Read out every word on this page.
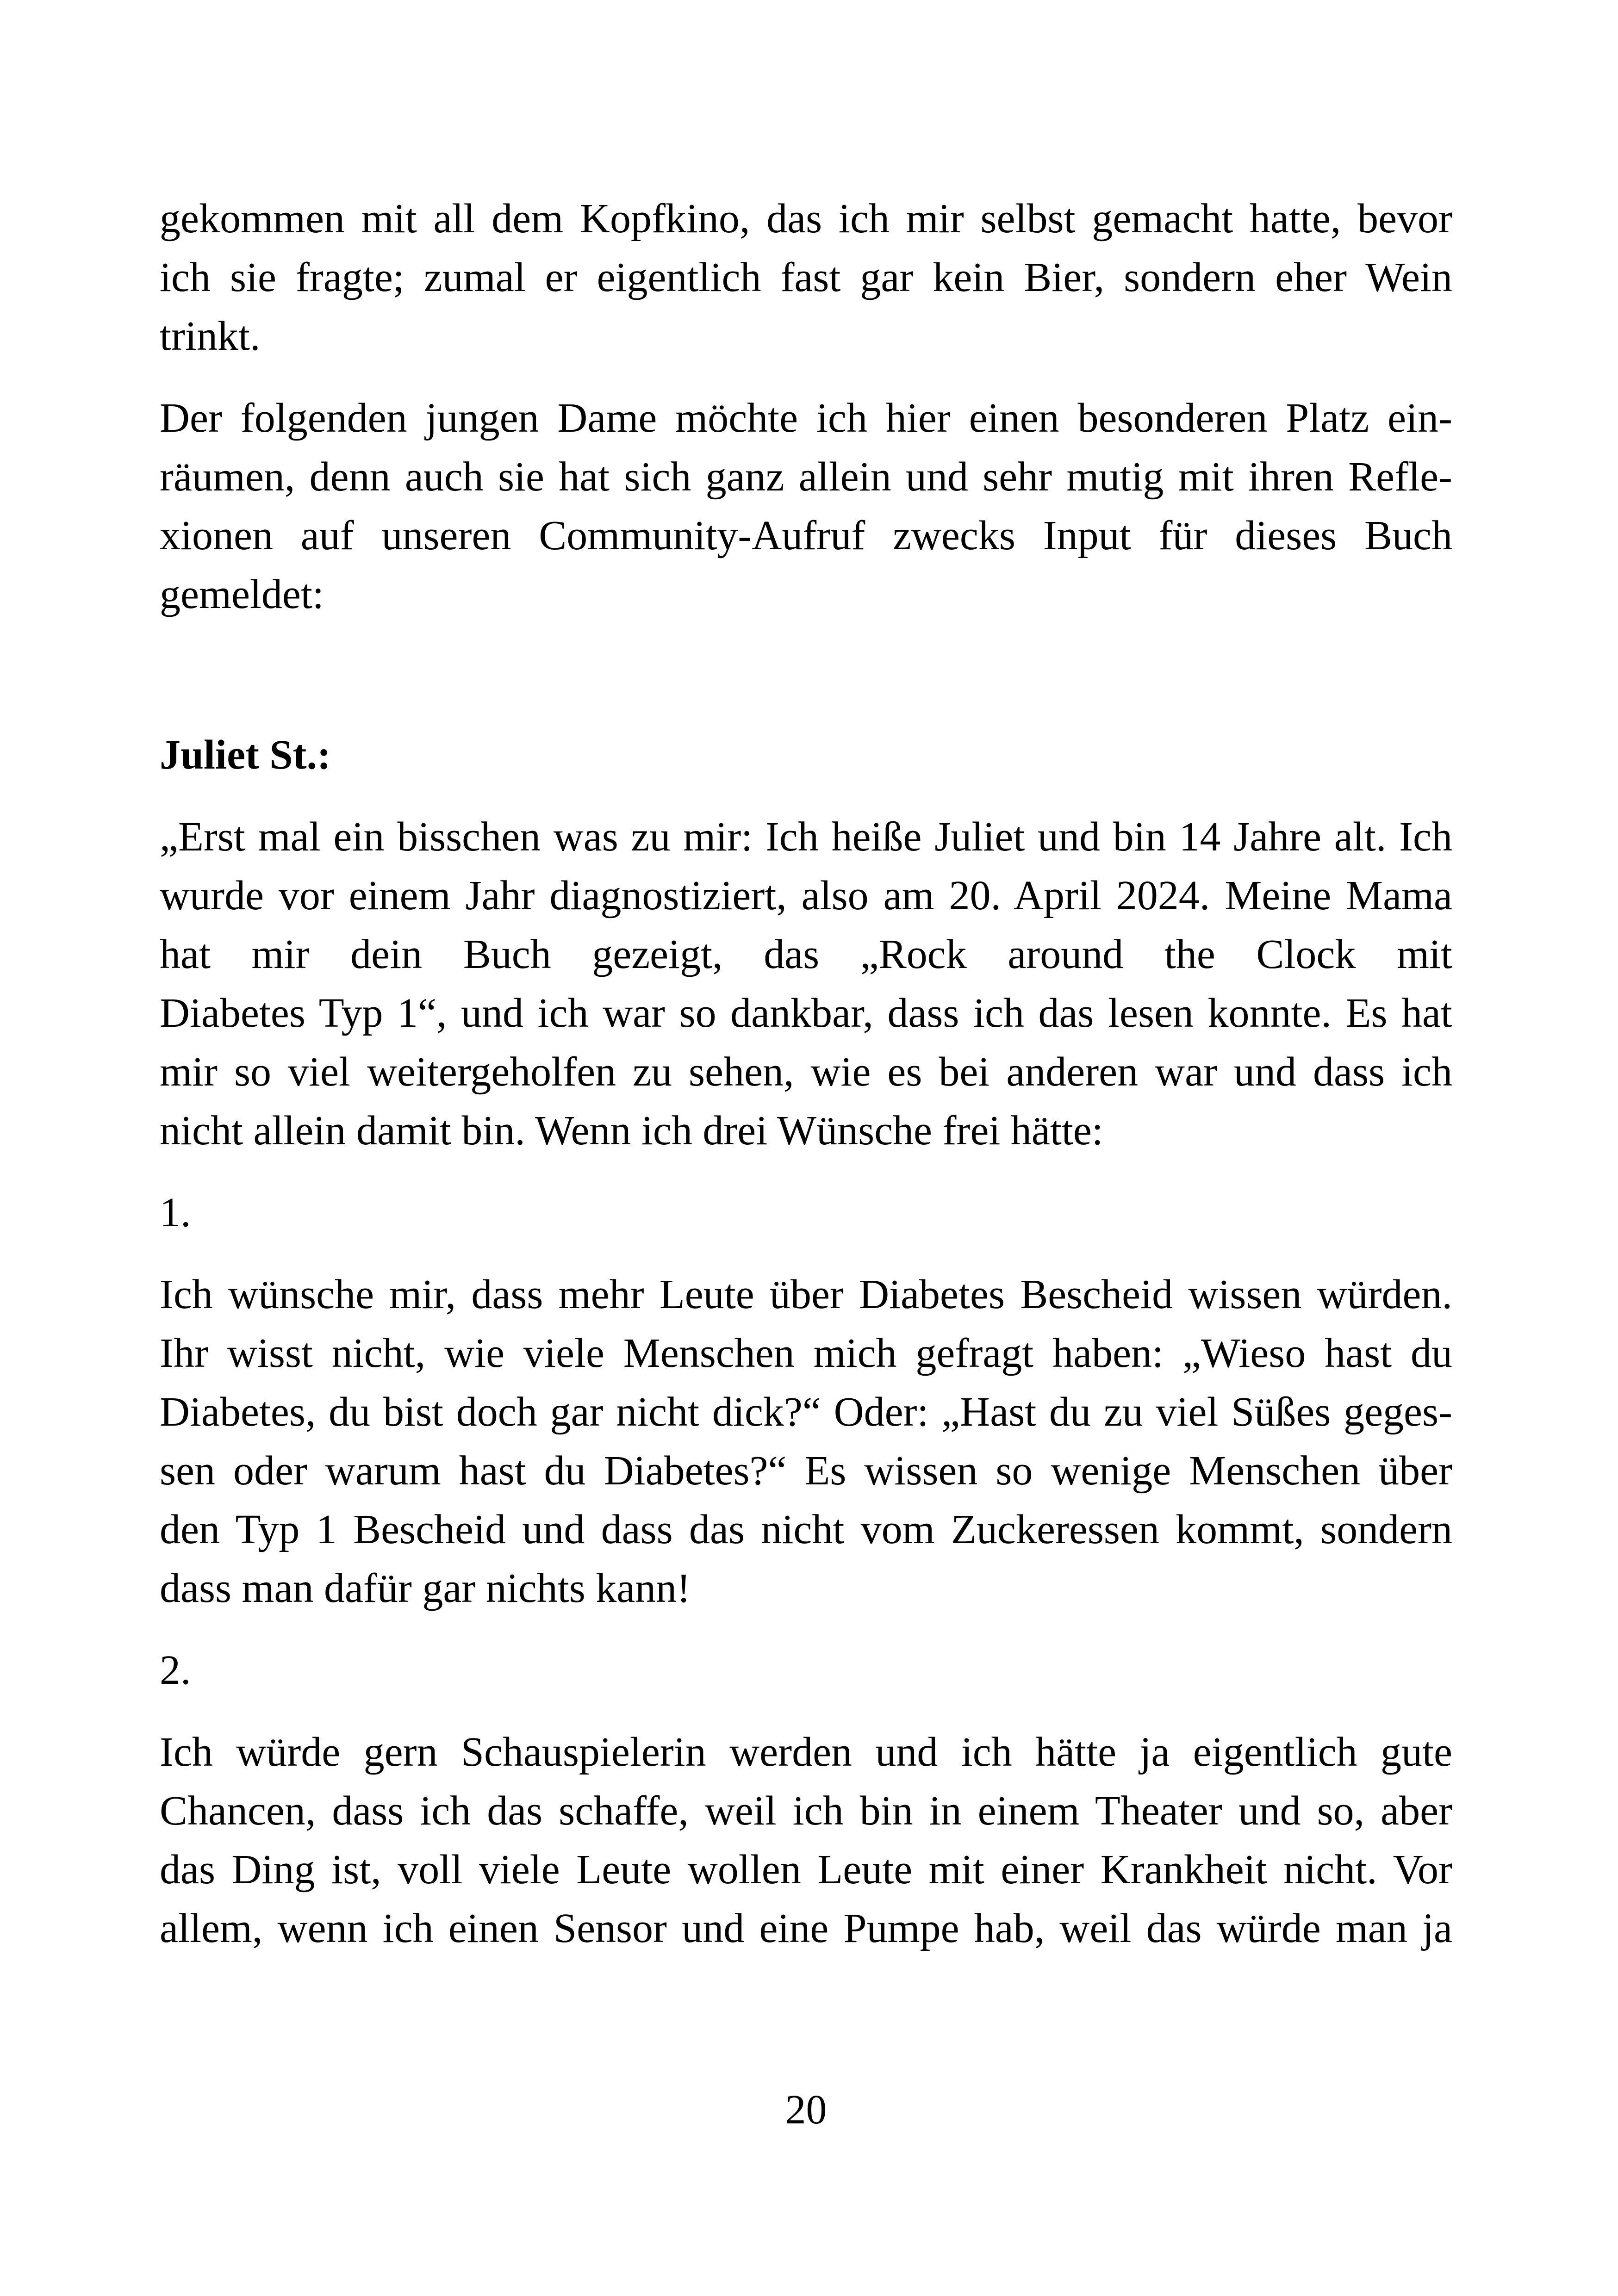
gekommen mit all dem Kopfkino, das ich mir selbst gemacht hatte, bevor
ich sie fragte; zumal er eigentlich fast gar kein Bier, sondern eher Wein
trinkt.
Der folgenden jungen Dame möchte ich hier einen besonderen Platz ein-
räumen, denn auch sie hat sich ganz allein und sehr mutig mit ihren Refle-
xionen auf unseren Community-Aufruf zwecks Input für dieses Buch
gemeldet:
Juliet St.:
„Erst mal ein bisschen was zu mir: Ich heiße Juliet und bin 14 Jahre alt. Ich
wurde vor einem Jahr diagnostiziert, also am 20. April 2024. Meine Mama
hat mir dein Buch gezeigt, das „Rock around the Clock mit
Diabetes Typ 1“, und ich war so dankbar, dass ich das lesen konnte. Es hat
mir so viel weitergeholfen zu sehen, wie es bei anderen war und dass ich
nicht allein damit bin. Wenn ich drei Wünsche frei hätte:
1.
Ich wünsche mir, dass mehr Leute über Diabetes Bescheid wissen würden.
Ihr wisst nicht, wie viele Menschen mich gefragt haben: „Wieso hast du
Diabetes, du bist doch gar nicht dick?“ Oder: „Hast du zu viel Süßes geges-
sen oder warum hast du Diabetes?“ Es wissen so wenige Menschen über
den Typ 1 Bescheid und dass das nicht vom Zuckeressen kommt, sondern
dass man dafür gar nichts kann!
2.
Ich würde gern Schauspielerin werden und ich hätte ja eigentlich gute
Chancen, dass ich das schaffe, weil ich bin in einem Theater und so, aber
das Ding ist, voll viele Leute wollen Leute mit einer Krankheit nicht. Vor
allem, wenn ich einen Sensor und eine Pumpe hab, weil das würde man ja
20
